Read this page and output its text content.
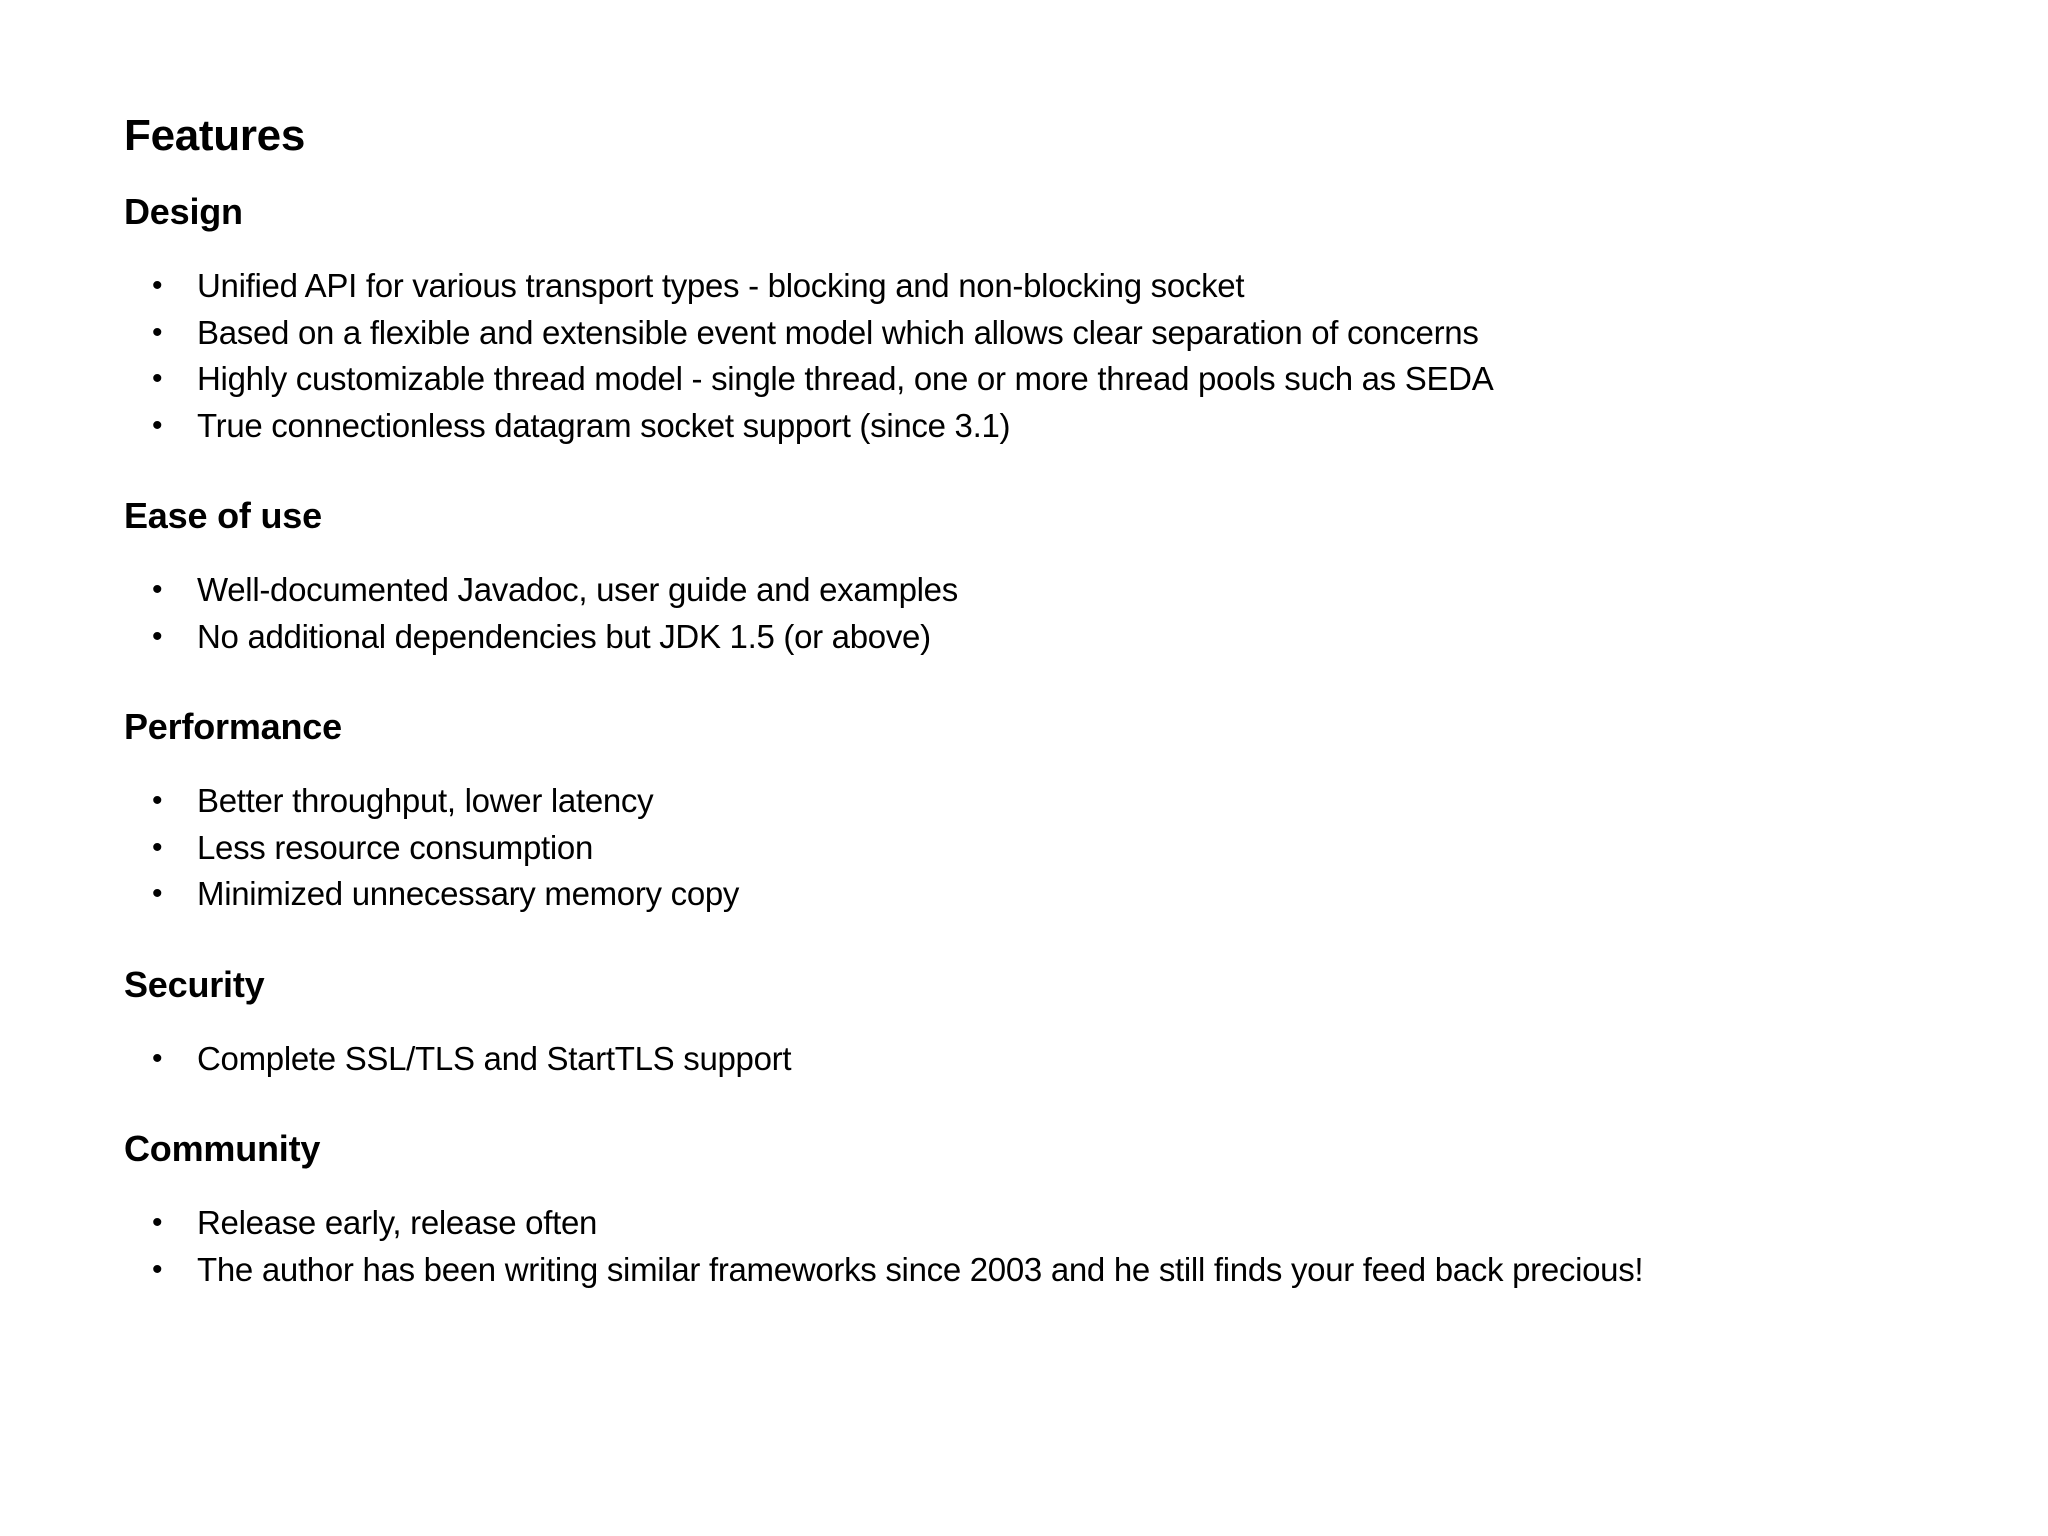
Features
Design
• Unified API for various transport types - blocking and non-blocking socket
• Based on a flexible and extensible event model which allows clear separation of concerns
• Highly customizable thread model - single thread, one or more thread pools such as SEDA
• True connectionless datagram socket support (since 3.1)
Ease of use
• Well-documented Javadoc, user guide and examples
• No additional dependencies but JDK 1.5 (or above)
Performance
• Better throughput, lower latency
• Less resource consumption
• Minimized unnecessary memory copy
Security
• Complete SSL/TLS and StartTLS support
Community
• Release early, release often
• The author has been writing similar frameworks since 2003 and he still finds your feed back precious!
